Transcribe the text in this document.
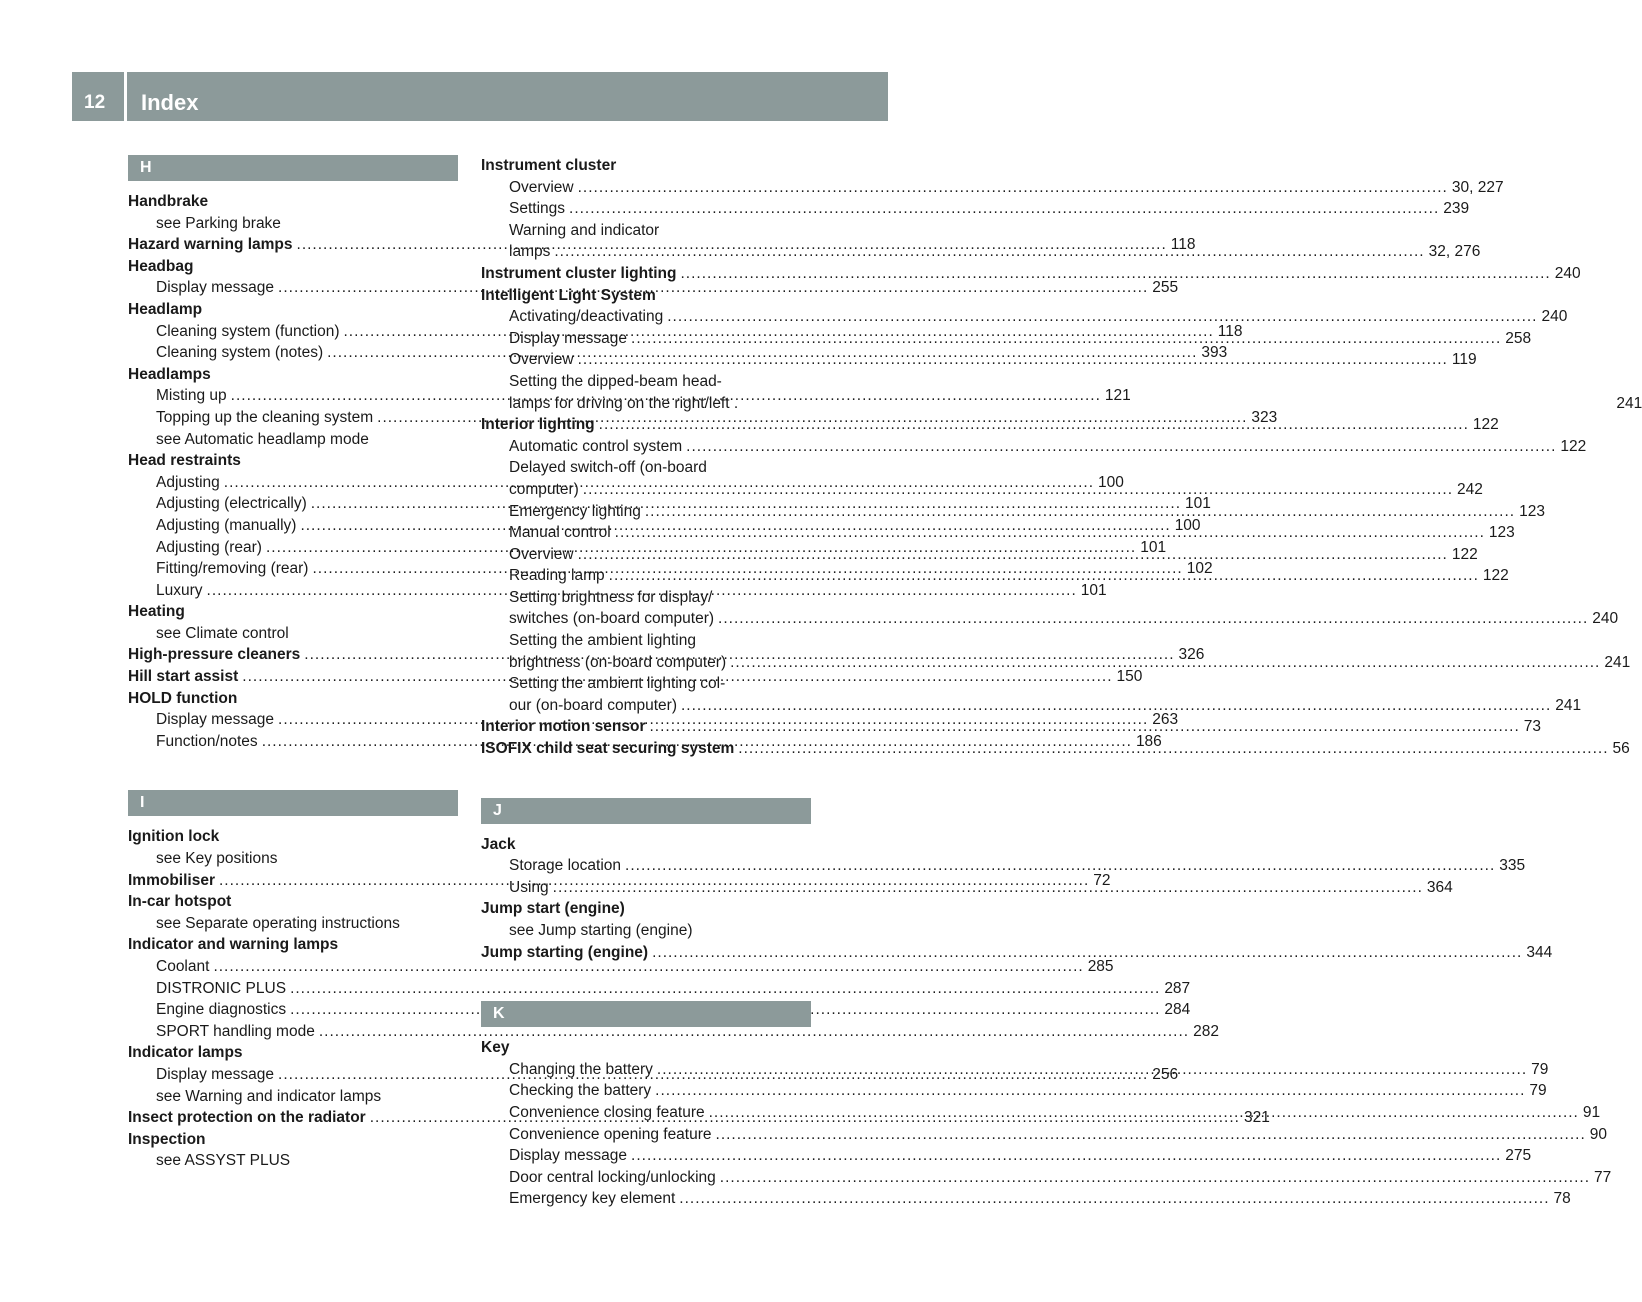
12 Index
H
Handbrake
see Parking brake
Hazard warning lamps .....	118
Headbag
Display message .....	255
Headlamp
Cleaning system (function) .....	118
Cleaning system (notes) .....	393
Headlamps
Misting up .....	121
Topping up the cleaning system .....	323
see Automatic headlamp mode
Head restraints
Adjusting .....	100
Adjusting (electrically) .....	101
Adjusting (manually) .....	100
Adjusting (rear) .....	101
Fitting/removing (rear) .....	102
Luxury .....	101
Heating
see Climate control
High-pressure cleaners .....	326
Hill start assist .....	150
HOLD function
Display message .....	263
Function/notes .....	186
I
Ignition lock
see Key positions
Immobiliser .....	72
In-car hotspot
see Separate operating instructions
Indicator and warning lamps
Coolant .....	285
DISTRONIC PLUS .....	287
Engine diagnostics .....	284
SPORT handling mode .....	282
Indicator lamps
Display message .....	256
see Warning and indicator lamps
Insect protection on the radiator .....	321
Inspection
see ASSYST PLUS
Instrument cluster
Overview .....	30, 227
Settings .....	239
Warning and indicator
lamps .....	32, 276
Instrument cluster lighting .....	240
Intelligent Light System
Activating/deactivating .....	240
Display message .....	258
Overview .....	119
Setting the dipped-beam head-
lamps for driving on the right/left .	241
Interior lighting .....	122
Automatic control system .....	122
Delayed switch-off (on-board
computer) .....	242
Emergency lighting .....	123
Manual control .....	123
Overview .....	122
Reading lamp .....	122
Setting brightness for display/
switches (on-board computer) .....	240
Setting the ambient lighting
brightness (on-board computer) .....	241
Setting the ambient lighting col-
our (on-board computer) .....	241
Interior motion sensor .....	73
ISOFIX child seat securing system .....	56
J
Jack
Storage location .....	335
Using .....	364
Jump start (engine)
see Jump starting (engine)
Jump starting (engine) .....	344
K
Key
Changing the battery .....	79
Checking the battery .....	79
Convenience closing feature .....	91
Convenience opening feature .....	90
Display message .....	275
Door central locking/unlocking .....	77
Emergency key element .....	78
